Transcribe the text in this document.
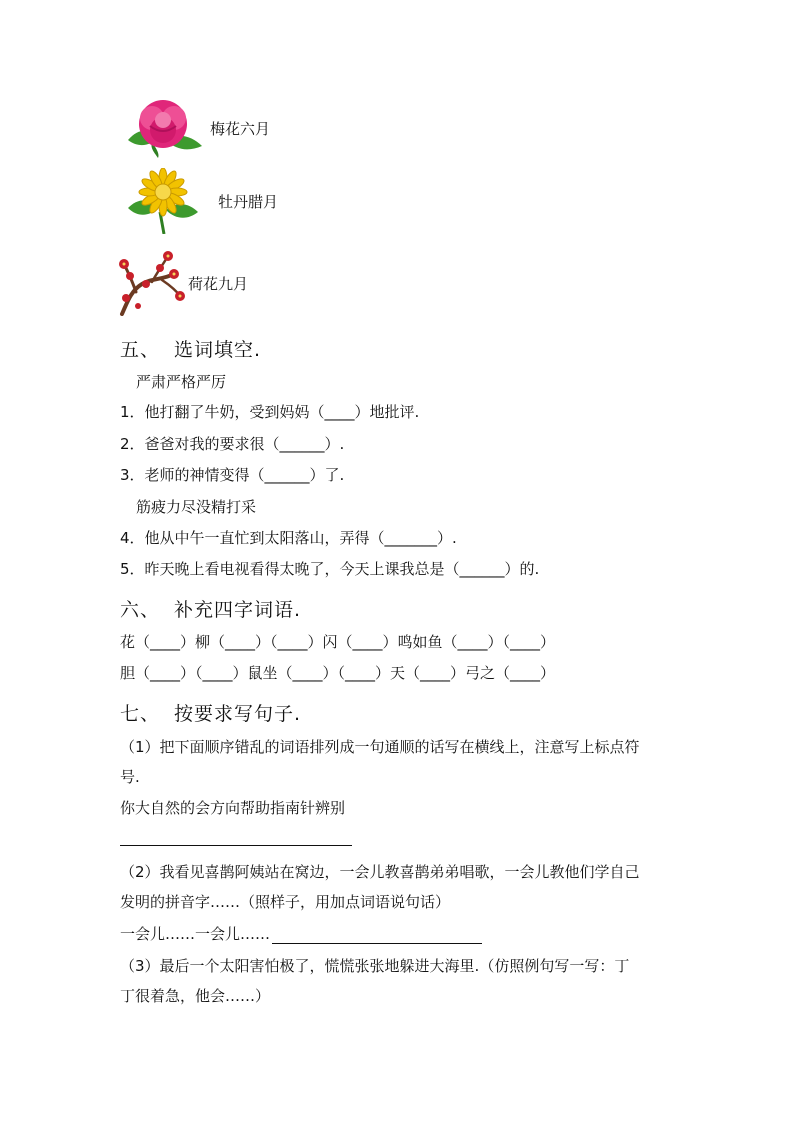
梅花六月
牡丹腊月
荷花九月
五、 选词填空.
严肃严格严厉
1．他打翻了牛奶，受到妈妈（____）地批评.
2．爸爸对我的要求很（______）.
3．老师的神情变得（______）了.
筋疲力尽没精打采
4．他从中午一直忙到太阳落山，弄得（_______）.
5．昨天晚上看电视看得太晚了，今天上课我总是（______）的.
六、 补充四字词语.
花（____）柳（____）（____）闪（____）鸣如鱼（____）（____）
胆（____）（____）鼠坐（____）（____）天（____）弓之（____）
七、 按要求写句子.
（1）把下面顺序错乱的词语排列成一句通顺的话写在横线上，注意写上标点符
号.
你大自然的会方向帮助指南针辨别
（2）我看见喜鹊阿姨站在窝边，一会儿教喜鹊弟弟唱歌，一会儿教他们学自己
发明的拼音字……（照样子，用加点词语说句话）
一会儿……一会儿……
（3）最后一个太阳害怕极了，慌慌张张地躲进大海里.（仿照例句写一写：丁
丁很着急，他会……）
